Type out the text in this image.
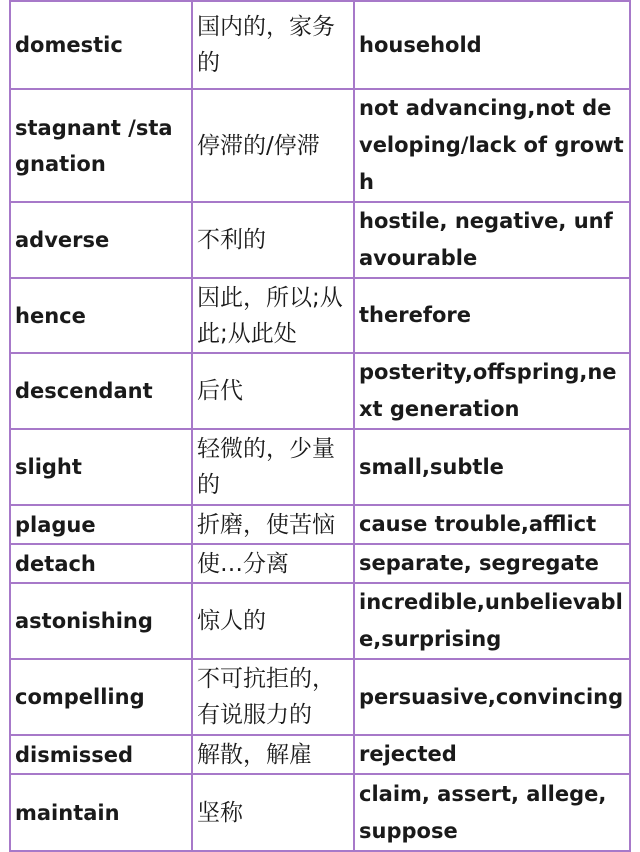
domestic	国内的，家务的	household
stagnant /stagnation	停滞的/停滞	not advancing,not developing/lack of growth
adverse	不利的	hostile, negative, unfavourable
hence	因此，所以;从此;从此处	therefore
descendant	后代	posterity,offspring,next generation
slight	轻微的，少量的	small,subtle
plague	折磨，使苦恼	cause trouble,afflict
detach	使…分离	separate, segregate
astonishing	惊人的	incredible,unbelievable,surprising
compelling	不可抗拒的，有说服力的	persuasive,convincing
dismissed	解散，解雇	rejected
maintain	坚称	claim, assert, allege, suppose
